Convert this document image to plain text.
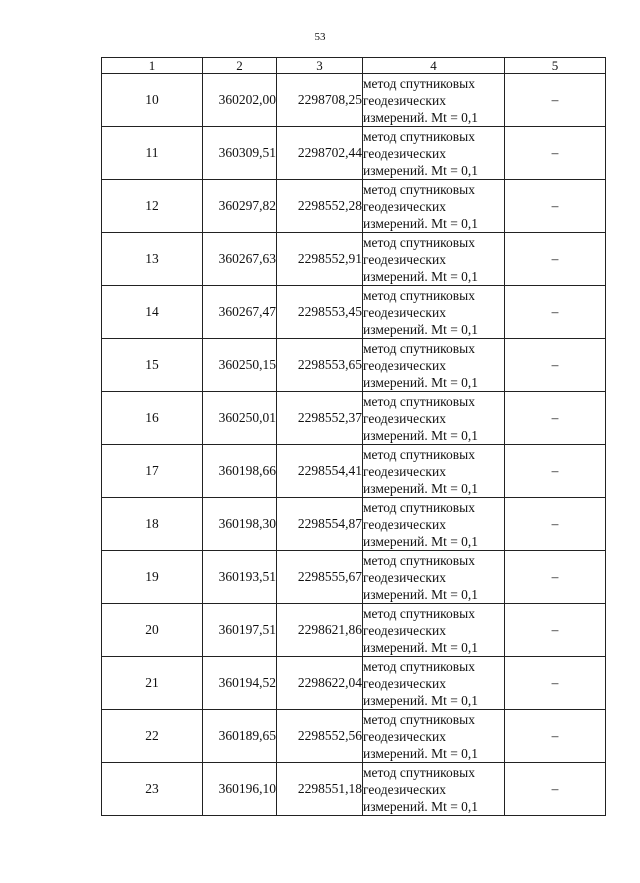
53
1	2	3	4	5
10	360202,00	2298708,25	метод спутниковых
геодезических
измерений. Mt = 0,1	–
11	360309,51	2298702,44	метод спутниковых
геодезических
измерений. Mt = 0,1	–
12	360297,82	2298552,28	метод спутниковых
геодезических
измерений. Mt = 0,1	–
13	360267,63	2298552,91	метод спутниковых
геодезических
измерений. Mt = 0,1	–
14	360267,47	2298553,45	метод спутниковых
геодезических
измерений. Mt = 0,1	–
15	360250,15	2298553,65	метод спутниковых
геодезических
измерений. Mt = 0,1	–
16	360250,01	2298552,37	метод спутниковых
геодезических
измерений. Mt = 0,1	–
17	360198,66	2298554,41	метод спутниковых
геодезических
измерений. Mt = 0,1	–
18	360198,30	2298554,87	метод спутниковых
геодезических
измерений. Mt = 0,1	–
19	360193,51	2298555,67	метод спутниковых
геодезических
измерений. Mt = 0,1	–
20	360197,51	2298621,86	метод спутниковых
геодезических
измерений. Mt = 0,1	–
21	360194,52	2298622,04	метод спутниковых
геодезических
измерений. Mt = 0,1	–
22	360189,65	2298552,56	метод спутниковых
геодезических
измерений. Mt = 0,1	–
23	360196,10	2298551,18	метод спутниковых
геодезических
измерений. Mt = 0,1	–
